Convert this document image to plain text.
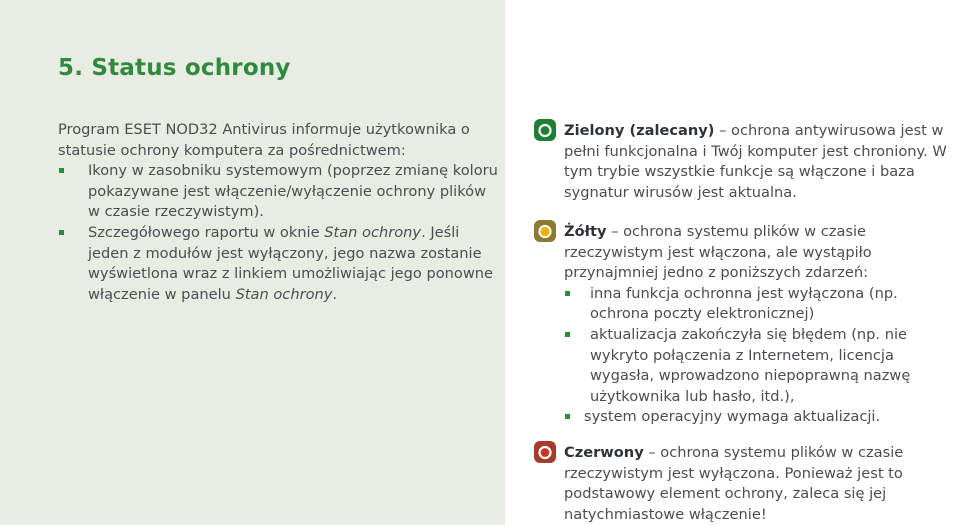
5. Status ochrony

Program ESET NOD32 Antivirus informuje użytkownika o statusie ochrony komputera za pośrednictwem:

Ikony w zasobniku systemowym (poprzez zmianę koloru pokazywane jest włączenie/wyłączenie ochrony plików w czasie rzeczywistym).
Szczegółowego raportu w oknie Stan ochrony. Jeśli jeden z modułów jest wyłączony, jego nazwa zostanie wyświetlona wraz z linkiem umożliwiając jego ponowne włączenie w panelu Stan ochrony.

Zielony (zalecany) – ochrona antywirusowa jest w pełni funkcjonalna i Twój komputer jest chroniony. W tym trybie wszystkie funkcje są włączone i baza sygnatur wirusów jest aktualna.

Żółty – ochrona systemu plików w czasie rzeczywistym jest włączona, ale wystąpiło przynajmniej jedno z poniższych zdarzeń:

inna funkcja ochronna jest wyłączona (np. ochrona poczty elektronicznej)
aktualizacja zakończyła się błędem (np. nie wykryto połączenia z Internetem, licencja wygasła, wprowadzono niepoprawną nazwę użytkownika lub hasło, itd.),
system operacyjny wymaga aktualizacji.

Czerwony – ochrona systemu plików w czasie rzeczywistym jest wyłączona. Ponieważ jest to podstawowy element ochrony, zaleca się jej natychmiastowe włączenie!
